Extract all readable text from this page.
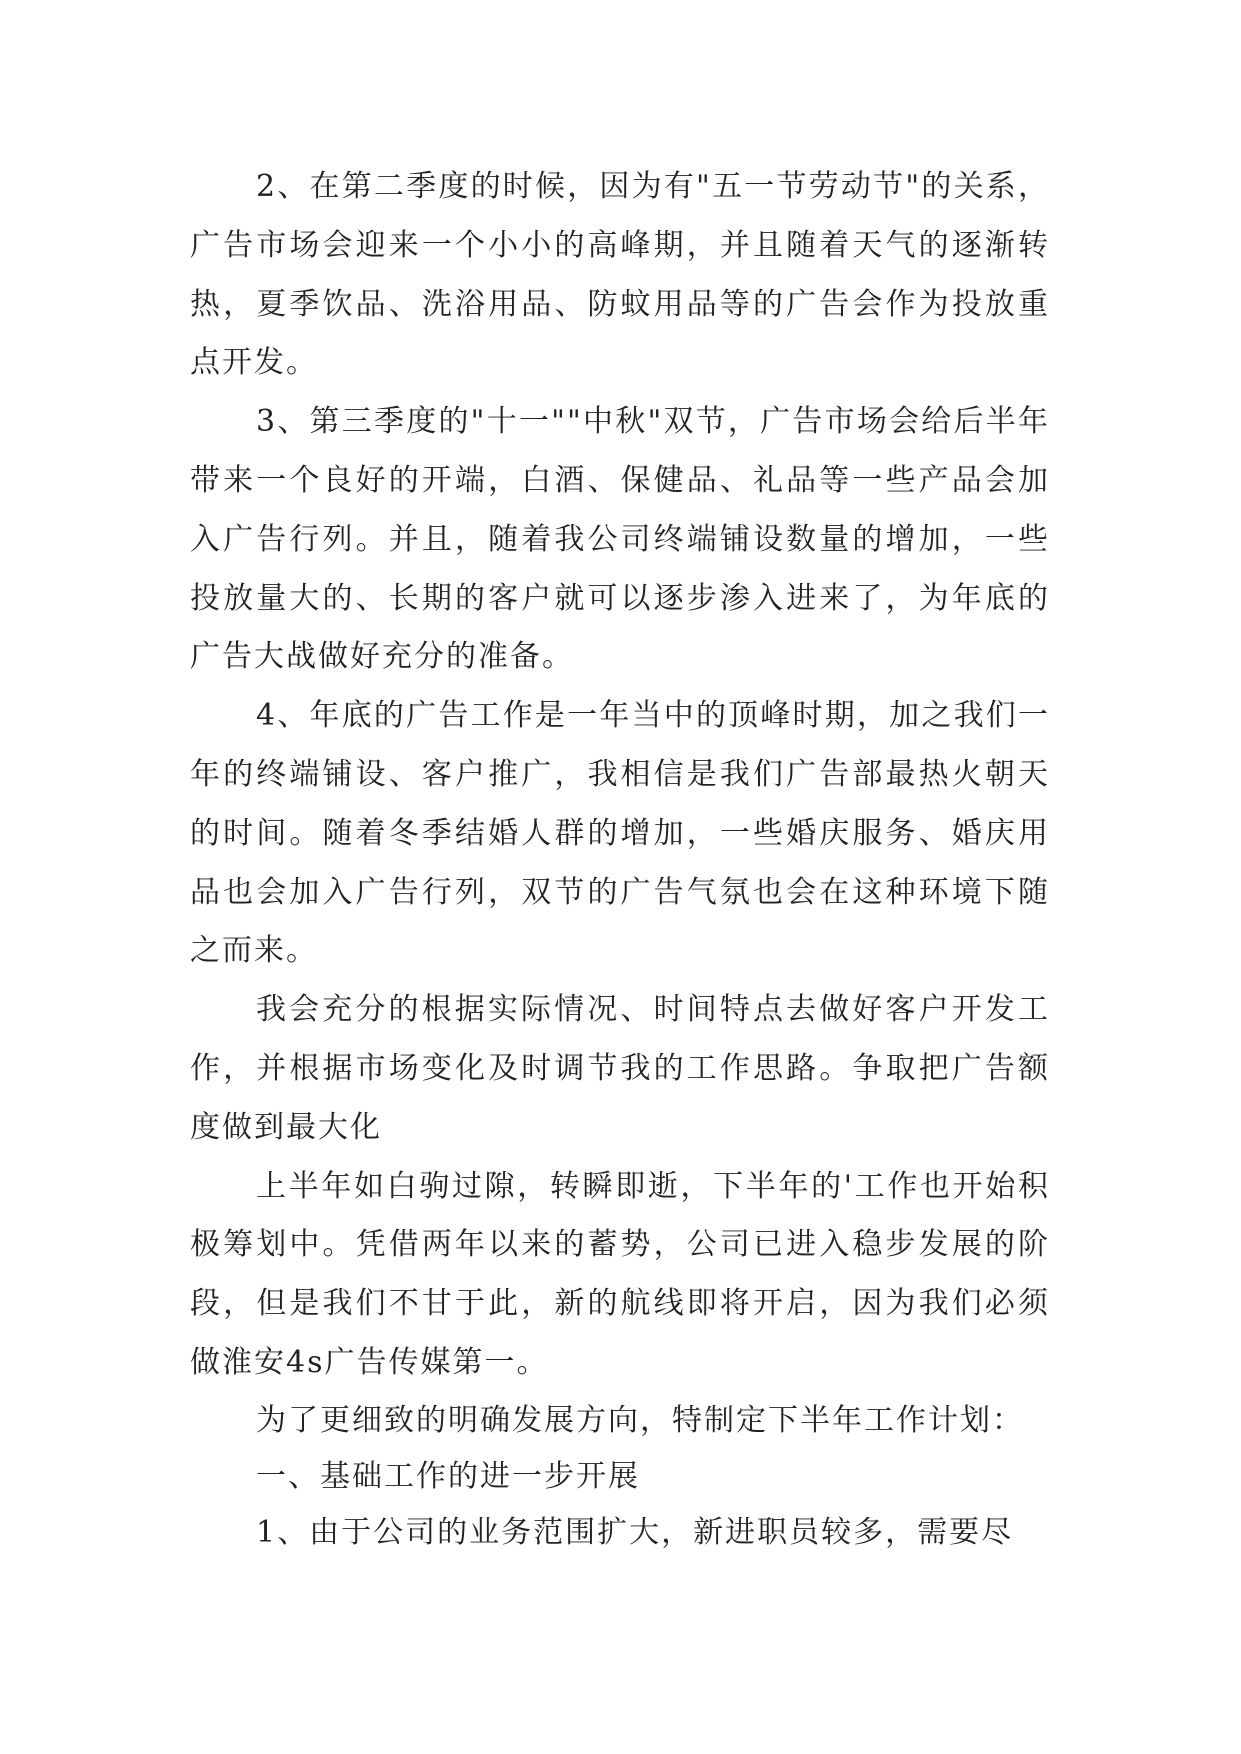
2、在第二季度的时候，因为有"五一节劳动节"的关系，广告市场会迎来一个小小的高峰期，并且随着天气的逐渐转热，夏季饮品、洗浴用品、防蚊用品等的广告会作为投放重点开发。

3、第三季度的"十一""中秋"双节，广告市场会给后半年带来一个良好的开端，白酒、保健品、礼品等一些产品会加入广告行列。并且，随着我公司终端铺设数量的增加，一些投放量大的、长期的客户就可以逐步渗入进来了，为年底的广告大战做好充分的准备。

4、年底的广告工作是一年当中的顶峰时期，加之我们一年的终端铺设、客户推广，我相信是我们广告部最热火朝天的时间。随着冬季结婚人群的增加，一些婚庆服务、婚庆用品也会加入广告行列，双节的广告气氛也会在这种环境下随之而来。

我会充分的根据实际情况、时间特点去做好客户开发工作，并根据市场变化及时调节我的工作思路。争取把广告额度做到最大化

上半年如白驹过隙，转瞬即逝，下半年的'工作也开始积极筹划中。凭借两年以来的蓄势，公司已进入稳步发展的阶段，但是我们不甘于此，新的航线即将开启，因为我们必须做淮安4s广告传媒第一。

为了更细致的明确发展方向，特制定下半年工作计划：

一、基础工作的进一步开展

1、由于公司的业务范围扩大，新进职员较多，需要尽
